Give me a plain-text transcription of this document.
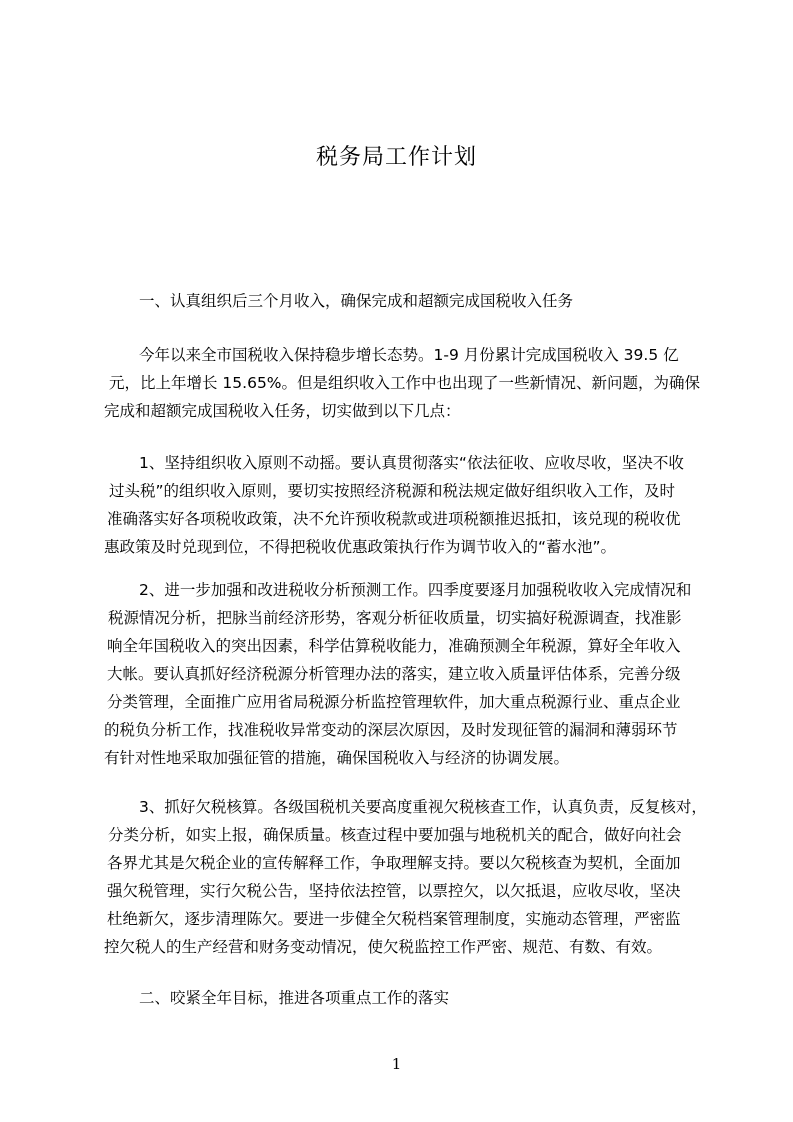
税务局工作计划
一、认真组织后三个月收入，确保完成和超额完成国税收入任务
今年以来全市国税收入保持稳步增长态势。1-9 月份累计完成国税收入 39.5 亿
元，比上年增长 15.65%。但是组织收入工作中也出现了一些新情况、新问题，为确保
完成和超额完成国税收入任务，切实做到以下几点：
1、坚持组织收入原则不动摇。要认真贯彻落实“依法征收、应收尽收，坚决不收
过头税”的组织收入原则，要切实按照经济税源和税法规定做好组织收入工作，及时
准确落实好各项税收政策，决不允许预收税款或进项税额推迟抵扣，该兑现的税收优
惠政策及时兑现到位，不得把税收优惠政策执行作为调节收入的“蓄水池”。
2、进一步加强和改进税收分析预测工作。四季度要逐月加强税收收入完成情况和
税源情况分析，把脉当前经济形势，客观分析征收质量，切实搞好税源调查，找准影
响全年国税收入的突出因素，科学估算税收能力，准确预测全年税源，算好全年收入
大帐。要认真抓好经济税源分析管理办法的落实，建立收入质量评估体系，完善分级
分类管理，全面推广应用省局税源分析监控管理软件，加大重点税源行业、重点企业
的税负分析工作，找准税收异常变动的深层次原因，及时发现征管的漏洞和薄弱环节
有针对性地采取加强征管的措施，确保国税收入与经济的协调发展。
3、抓好欠税核算。各级国税机关要高度重视欠税核查工作，认真负责，反复核对，
分类分析，如实上报，确保质量。核查过程中要加强与地税机关的配合，做好向社会
各界尤其是欠税企业的宣传解释工作，争取理解支持。要以欠税核查为契机，全面加
强欠税管理，实行欠税公告，坚持依法控管，以票控欠，以欠抵退，应收尽收，坚决
杜绝新欠，逐步清理陈欠。要进一步健全欠税档案管理制度，实施动态管理，严密监
控欠税人的生产经营和财务变动情况，使欠税监控工作严密、规范、有数、有效。
二、咬紧全年目标，推进各项重点工作的落实
1
